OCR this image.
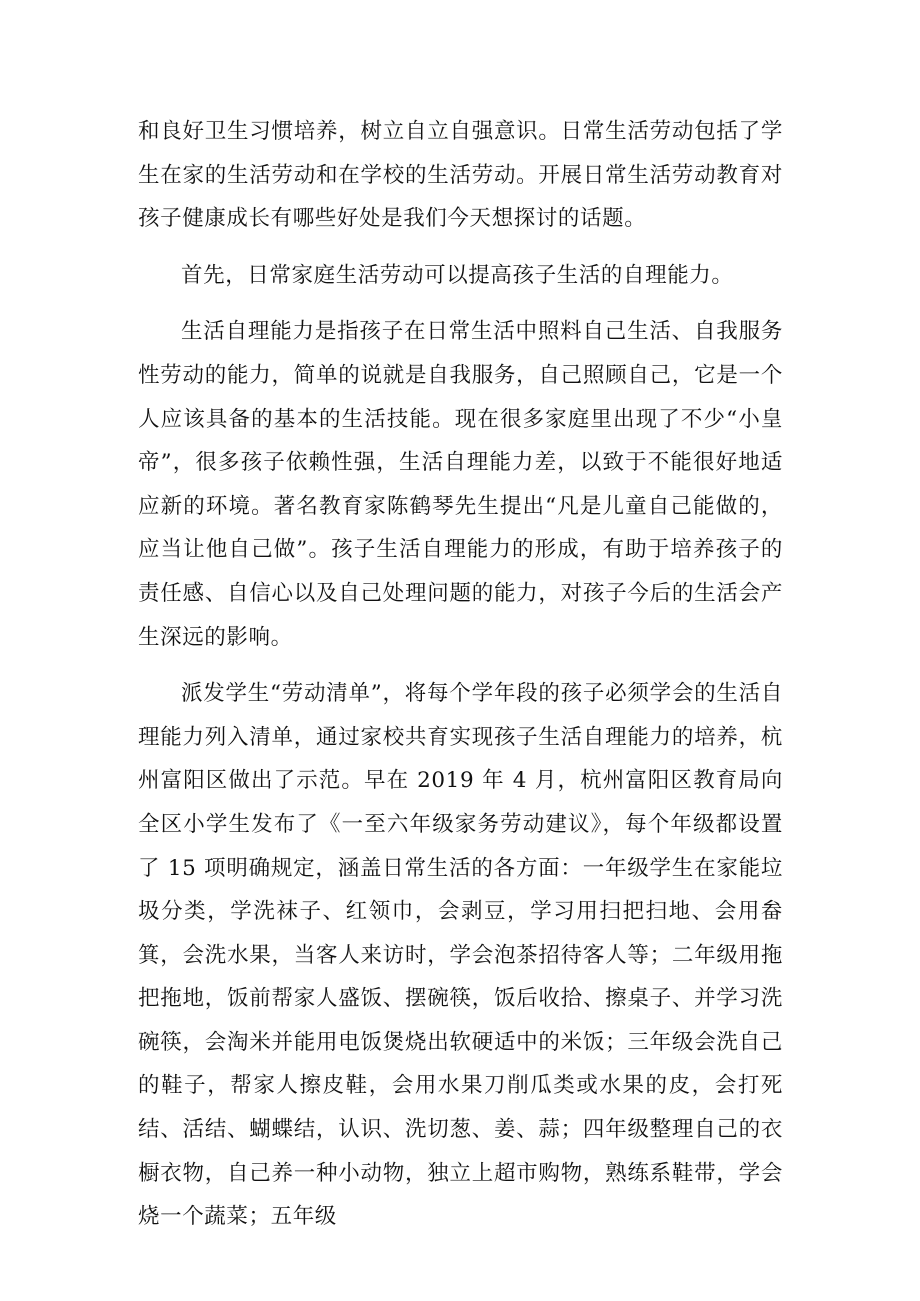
和良好卫生习惯培养，树立自立自强意识。日常生活劳动包括了学生在家的生活劳动和在学校的生活劳动。开展日常生活劳动教育对孩子健康成长有哪些好处是我们今天想探讨的话题。

首先，日常家庭生活劳动可以提高孩子生活的自理能力。

生活自理能力是指孩子在日常生活中照料自己生活、自我服务性劳动的能力，简单的说就是自我服务，自己照顾自己，它是一个人应该具备的基本的生活技能。现在很多家庭里出现了不少“小皇帝”，很多孩子依赖性强，生活自理能力差，以致于不能很好地适应新的环境。著名教育家陈鹤琴先生提出“凡是儿童自己能做的，应当让他自己做”。孩子生活自理能力的形成，有助于培养孩子的责任感、自信心以及自己处理问题的能力，对孩子今后的生活会产生深远的影响。

派发学生“劳动清单”，将每个学年段的孩子必须学会的生活自理能力列入清单，通过家校共育实现孩子生活自理能力的培养，杭州富阳区做出了示范。早在 2019 年 4 月，杭州富阳区教育局向全区小学生发布了《一至六年级家务劳动建议》，每个年级都设置了 15 项明确规定，涵盖日常生活的各方面：一年级学生在家能垃圾分类，学洗袜子、红领巾，会剥豆，学习用扫把扫地、会用畚箕，会洗水果，当客人来访时，学会泡茶招待客人等；二年级用拖把拖地，饭前帮家人盛饭、摆碗筷，饭后收拾、擦桌子、并学习洗碗筷，会淘米并能用电饭煲烧出软硬适中的米饭；三年级会洗自己的鞋子，帮家人擦皮鞋，会用水果刀削瓜类或水果的皮，会打死结、活结、蝴蝶结，认识、洗切葱、姜、蒜；四年级整理自己的衣橱衣物，自己养一种小动物，独立上超市购物，熟练系鞋带，学会烧一个蔬菜；五年级
